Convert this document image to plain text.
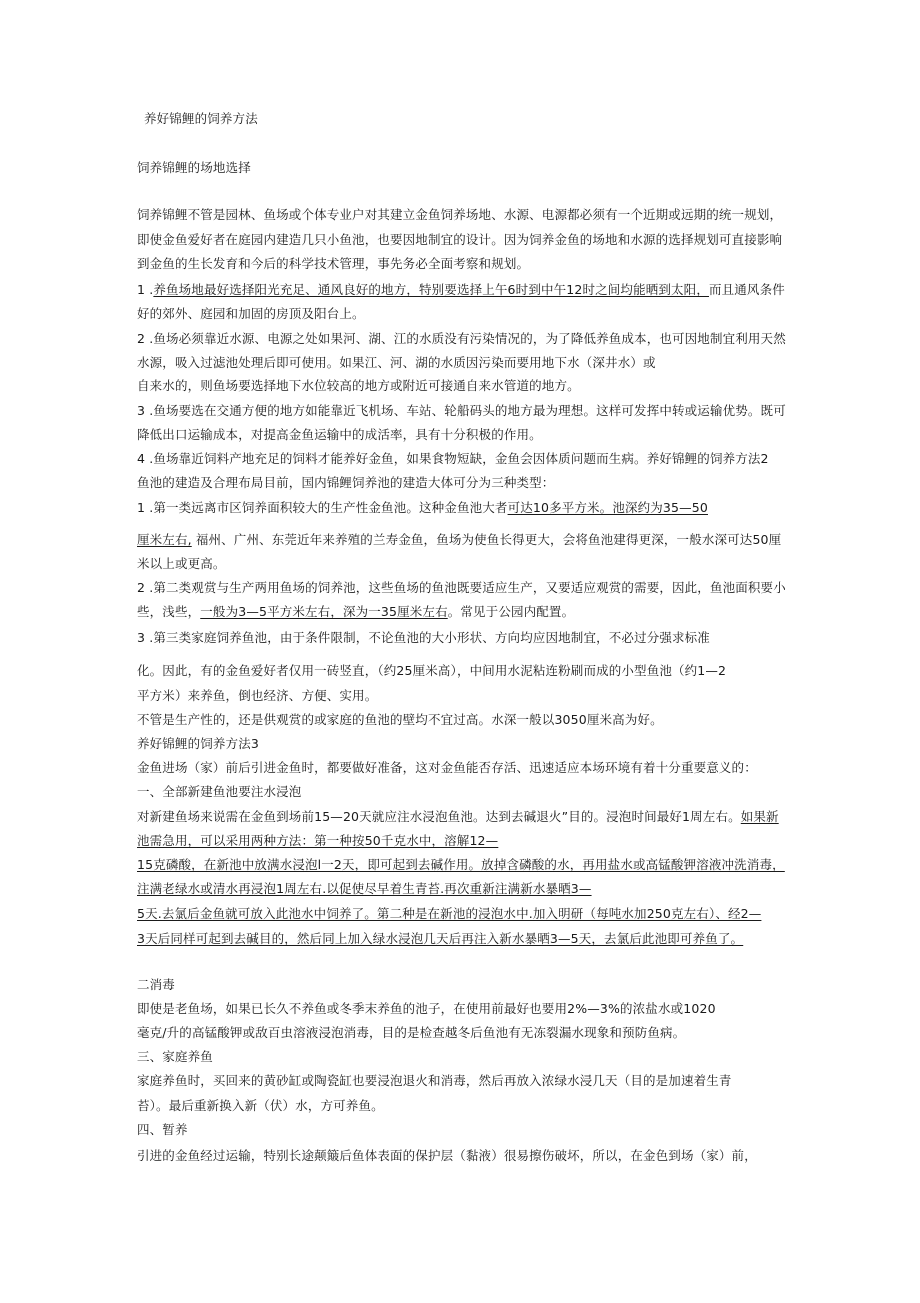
养好锦鲤的饲养方法
饲养锦鲤的场地选择
饲养锦鲤不管是园林、鱼场或个体专业户对其建立金鱼饲养场地、水源、电源都必须有一个近期或远期的统一规划，
即使金鱼爱好者在庭园内建造几只小鱼池，也要因地制宜的设计。因为饲养金鱼的场地和水源的选择规划可直接影响
到金鱼的生长发育和今后的科学技术管理，事先务必全面考察和规划。
1 .养鱼场地最好选择阳光充足、通风良好的地方，特别要选择上午6时到中午12时之间均能晒到太阳，而且通风条件
好的郊外、庭园和加固的房顶及阳台上。
2 .鱼场必须靠近水源、电源之处如果河、湖、江的水质没有污染情况的，为了降低养鱼成本，也可因地制宜利用天然
水源，吸入过滤池处理后即可使用。如果江、河、湖的水质因污染而要用地下水（深井水）或
自来水的，则鱼场要选择地下水位较高的地方或附近可接通自来水管道的地方。
3 .鱼场要选在交通方便的地方如能靠近飞机场、车站、轮船码头的地方最为理想。这样可发挥中转或运输优势。既可
降低出口运输成本，对提高金鱼运输中的成活率，具有十分积极的作用。
4 .鱼场靠近饲料产地充足的饲料才能养好金鱼，如果食物短缺，金鱼会因体质问题而生病。养好锦鲤的饲养方法2
鱼池的建造及合理布局目前，国内锦鲤饲养池的建造大体可分为三种类型：
1 .第一类远离市区饲养面积较大的生产性金鱼池。这种金鱼池大者可达10多平方米。池深约为35—50
厘米左右, 福州、广州、东莞近年来养殖的兰寿金鱼，鱼场为使鱼长得更大，会将鱼池建得更深，一般水深可达50厘
米以上或更高。
2 .第二类观赏与生产两用鱼场的饲养池，这些鱼场的鱼池既要适应生产，又要适应观赏的需要，因此，鱼池面积要小
些，浅些，一般为3—5平方米左右，深为一35厘米左右。常见于公园内配置。
3 .第三类家庭饲养鱼池，由于条件限制，不论鱼池的大小形状、方向均应因地制宜，不必过分强求标准
化。因此，有的金鱼爱好者仅用一砖竖直，（约25厘米高），中间用水泥粘连粉刷而成的小型鱼池（约1—2
平方米）来养鱼，倒也经济、方便、实用。
不管是生产性的，还是供观赏的或家庭的鱼池的壁均不宜过高。水深一般以3050厘米高为好。
养好锦鲤的饲养方法3
金鱼进场（家）前后引进金鱼时，都要做好准备，这对金鱼能否存活、迅速适应本场环境有着十分重要意义的：
一、全部新建鱼池要注水浸泡
对新建鱼场来说需在金鱼到场前15—20天就应注水浸泡鱼池。达到去碱退火”目的。浸泡时间最好1周左右。如果新
池需急用，可以采用两种方法：第一种按50千克水中，溶解12—
15克磷酸，在新池中放满水浸泡l一2天，即可起到去碱作用。放掉含磷酸的水，再用盐水或高锰酸钾溶液冲洗消毒，
注满老绿水或清水再浸泡1周左右.以促使尽早着生青苔.再次重新注满新水暴晒3—
5天.去氯后金鱼就可放入此池水中饲养了。第二种是在新池的浸泡水中.加入明研（每吨水加250克左右）、经2—
3天后同样可起到去碱目的，然后同上加入绿水浸泡几天后再注入新水暴晒3—5天，去氯后此池即可养鱼了。
二消毒
即使是老鱼场，如果已长久不养鱼或冬季末养鱼的池子，在使用前最好也要用2%—3%的浓盐水或1020
毫克/升的高锰酸钾或敌百虫溶液浸泡消毒，目的是检查越冬后鱼池有无冻裂漏水现象和预防鱼病。
三、家庭养鱼
家庭养鱼时，买回来的黄砂缸或陶瓷缸也要浸泡退火和消毒，然后再放入浓绿水浸几天（目的是加速着生青
苔）。最后重新换入新（伏）水，方可养鱼。
四、暂养
引进的金鱼经过运输，特别长途颠簸后鱼体表面的保护层（黏液）很易擦伤破坏，所以，在金色到场（家）前，
